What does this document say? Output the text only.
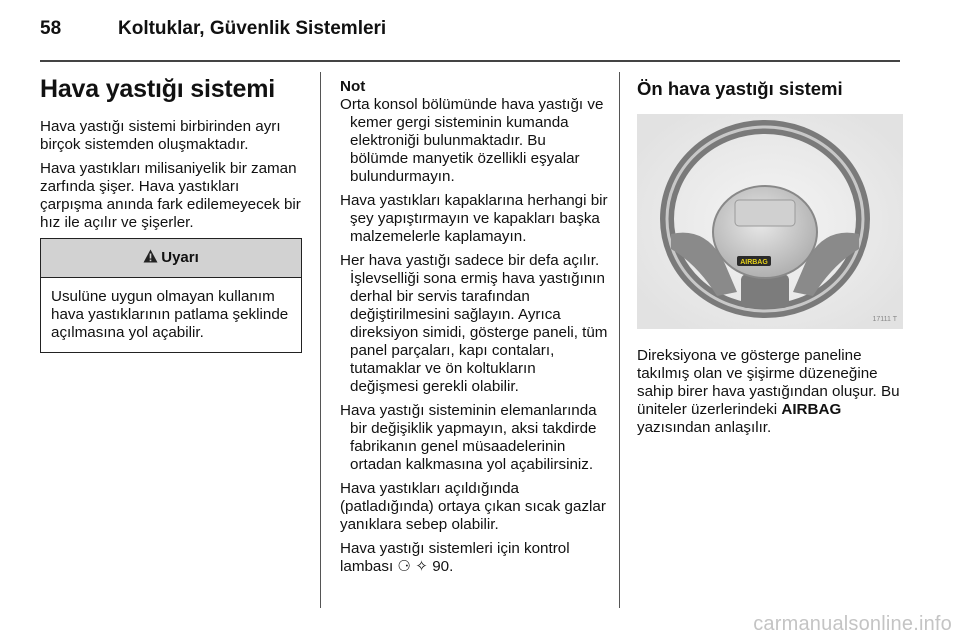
58	Koltuklar, Güvenlik Sistemleri
Hava yastığı sistemi

Hava yastığı sistemi birbirinden ayrı birçok sistemden oluşmaktadır.

Hava yastıkları milisaniyelik bir zaman zarfında şişer. Hava yastıkları çarpışma anında fark edilemeyecek bir hız ile açılır ve şişerler.

Uyarı
Usulüne uygun olmayan kullanım hava yastıklarının patlama şeklinde açılmasına yol açabilir.
Not

Orta konsol bölümünde hava yastığı ve kemer gergi sisteminin kumanda elektroniği bulunmaktadır. Bu bölümde manyetik özellikli eşyalar bulundurmayın.

Hava yastıkları kapaklarına herhangi bir şey yapıştırmayın ve kapakları başka malzemelerle kaplamayın.

Her hava yastığı sadece bir defa açılır. İşlevselliği sona ermiş hava yastığının derhal bir servis tarafından değiştirilmesini sağlayın. Ayrıca direksiyon simidi, gösterge paneli, tüm panel parçaları, kapı contaları, tutamaklar ve ön koltukların değişmesi gerekli olabilir.

Hava yastığı sisteminin elemanlarında bir değişiklik yapmayın, aksi takdirde fabrikanın genel müsaadelerinin ortadan kalkmasına yol açabilirsiniz.

Hava yastıkları açıldığında (patladığında) ortaya çıkan sıcak gazlar yanıklara sebep olabilir.

Hava yastığı sistemleri için kontrol lambası ⚆ ✧ 90.

Ön hava yastığı sistemi
AIRBAG
17111 T

Direksiyona ve gösterge paneline takılmış olan ve şişirme düzeneğine sahip birer hava yastığından oluşur. Bu üniteler üzerlerindeki AIRBAG
yazısından anlaşılır.

carmanualsonline.info
